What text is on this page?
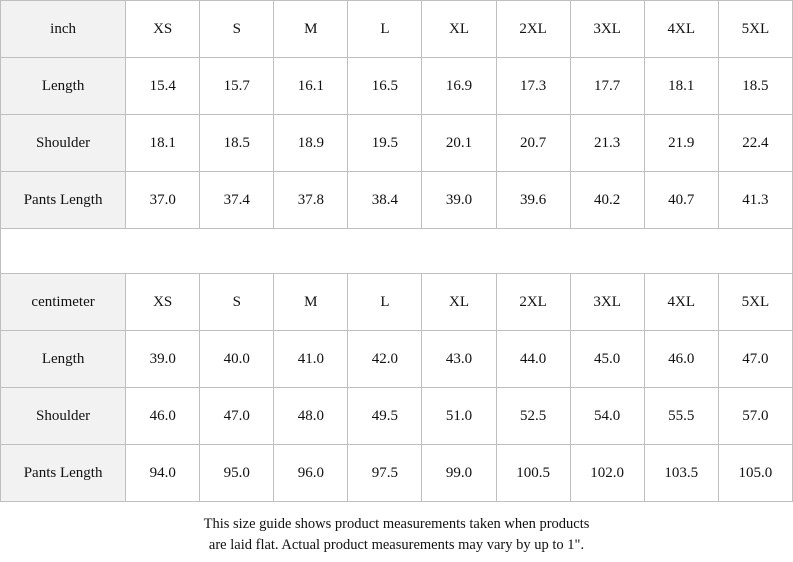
inch	XS	S	M	L	XL	2XL	3XL	4XL	5XL
Length	15.4	15.7	16.1	16.5	16.9	17.3	17.7	18.1	18.5
Shoulder	18.1	18.5	18.9	19.5	20.1	20.7	21.3	21.9	22.4
Pants Length	37.0	37.4	37.8	38.4	39.0	39.6	40.2	40.7	41.3

centimeter	XS	S	M	L	XL	2XL	3XL	4XL	5XL
Length	39.0	40.0	41.0	42.0	43.0	44.0	45.0	46.0	47.0
Shoulder	46.0	47.0	48.0	49.5	51.0	52.5	54.0	55.5	57.0
Pants Length	94.0	95.0	96.0	97.5	99.0	100.5	102.0	103.5	105.0
This size guide shows product measurements taken when products
are laid flat. Actual product measurements may vary by up to 1".
